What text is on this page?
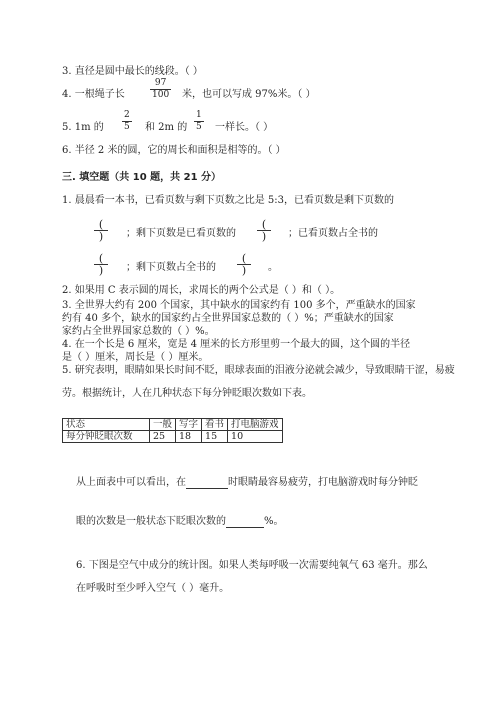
3. 直径是圆中最长的线段。（ ）
4. 一根绳子长
97
100 米，也可以写成 97%米。（ ）
5. 1m 的
2
5 和 2m 的
1
5 一样长。（ ）
6. 半径 2 米的圆，它的周长和面积是相等的。（ ）
三. 填空题（共 10 题，共 21 分）
1. 晨晨看一本书，已看页数与剩下页数之比是 5:3，已看页数是剩下页数的
(
)	；剩下页数是已看页数的
(
)	；已看页数占全书的
(
)	；剩下页数占全书的
(
)	。
2. 如果用 C 表示圆的周长，求周长的两个公式是（ ）和（ ）。
3. 全世界大约有 200 个国家，其中缺水的国家约有 100 多个，严重缺水的国家
约有 40 多个，缺水的国家约占全世界国家总数的（ ）%；严重缺水的国家
家约占全世界国家总数的（ ）%。
4. 在一个长是 6 厘米，宽是 4 厘米的长方形里剪一个最大的圆，这个圆的半径
是（ ）厘米，周长是（ ）厘米。
5. 研究表明，眼睛如果长时间不眨，眼球表面的泪液分泌就会减少，导致眼睛干涩，易疲
劳。根据统计，人在几种状态下每分钟眨眼次数如下表。
状态	一般	写字	看书	打电脑游戏
每分钟眨眼次数	25	18	15	10
从上面表中可以看出，在	时眼睛最容易疲劳，打电脑游戏时每分钟眨
眼的次数是一般状态下眨眼次数的	%。
6. 下图是空气中成分的统计图。如果人类每呼吸一次需要纯氧气 63 毫升。那么
在呼吸时至少呼入空气（ ）毫升。
